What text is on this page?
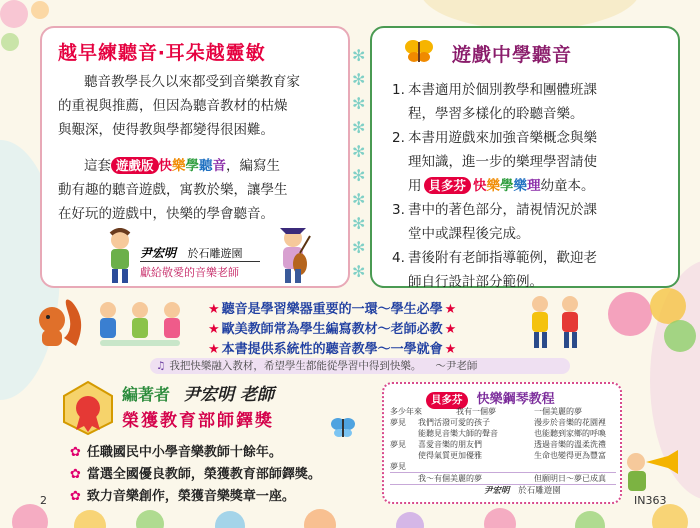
越早練聽音‧耳朵越靈敏
聽音教學長久以來都受到音樂教育家
的重視與推薦，但因為聽音教材的枯燥
與艱深，使得教與學都變得很困難。
這套 遊戲版 快樂學聽音，編寫生
動有趣的聽音遊戲，寓教於樂，讓學生
在好玩的遊戲中，快樂的學會聽音。
尹宏明 於石雕遊園
獻給敬愛的音樂老師
✻
✻
✻
✻
✻
✻
✻
✻
✻
✻
遊戲中學聽音
1. 本書適用於個別教學和團體班課
程，學習多樣化的聆聽音樂。
2. 本書用遊戲來加強音樂概念與樂
理知識，進一步的樂理學習請使
用 貝多芬 快樂學樂理幼童本。
3. 書中的著色部分，請視情況於課
堂中或課程後完成。
4. 書後附有老師指導範例，歡迎老
師自行設計部分範例。
★ 聽音是學習樂器重要的一環～學生必學 ★
★ 歐美教師常為學生編寫教材～老師必教 ★
★ 本書提供系統性的聽音教學～一學就會 ★
♫ 我把快樂融入教材，希望學生都能從學習中得到快樂。 ～尹老師
編著者 尹宏明 老師
榮獲教育部師鐸獎
✿ 任職國民中小學音樂教師十餘年。
✿ 當選全國優良教師，榮獲教育部師鐸獎。
✿ 致力音樂創作，榮獲音樂獎章一座。
貝多芬 快樂鋼琴教程
多少年來	我有一個夢	一個美麗的夢
夢見 我們活潑可愛的孩子	漫步於音樂的花園裡
能聽見音樂大師的聲音	也能聽到家鄉的呼喚
夢見 喜愛音樂的朋友們	透過音樂的溫柔洗禮
使得氣質更加優雅	生命也變得更為豐富
夢見
我～有個美麗的夢	但願明日～夢已成真
尹宏明 於石雕遊園
2	IN363
